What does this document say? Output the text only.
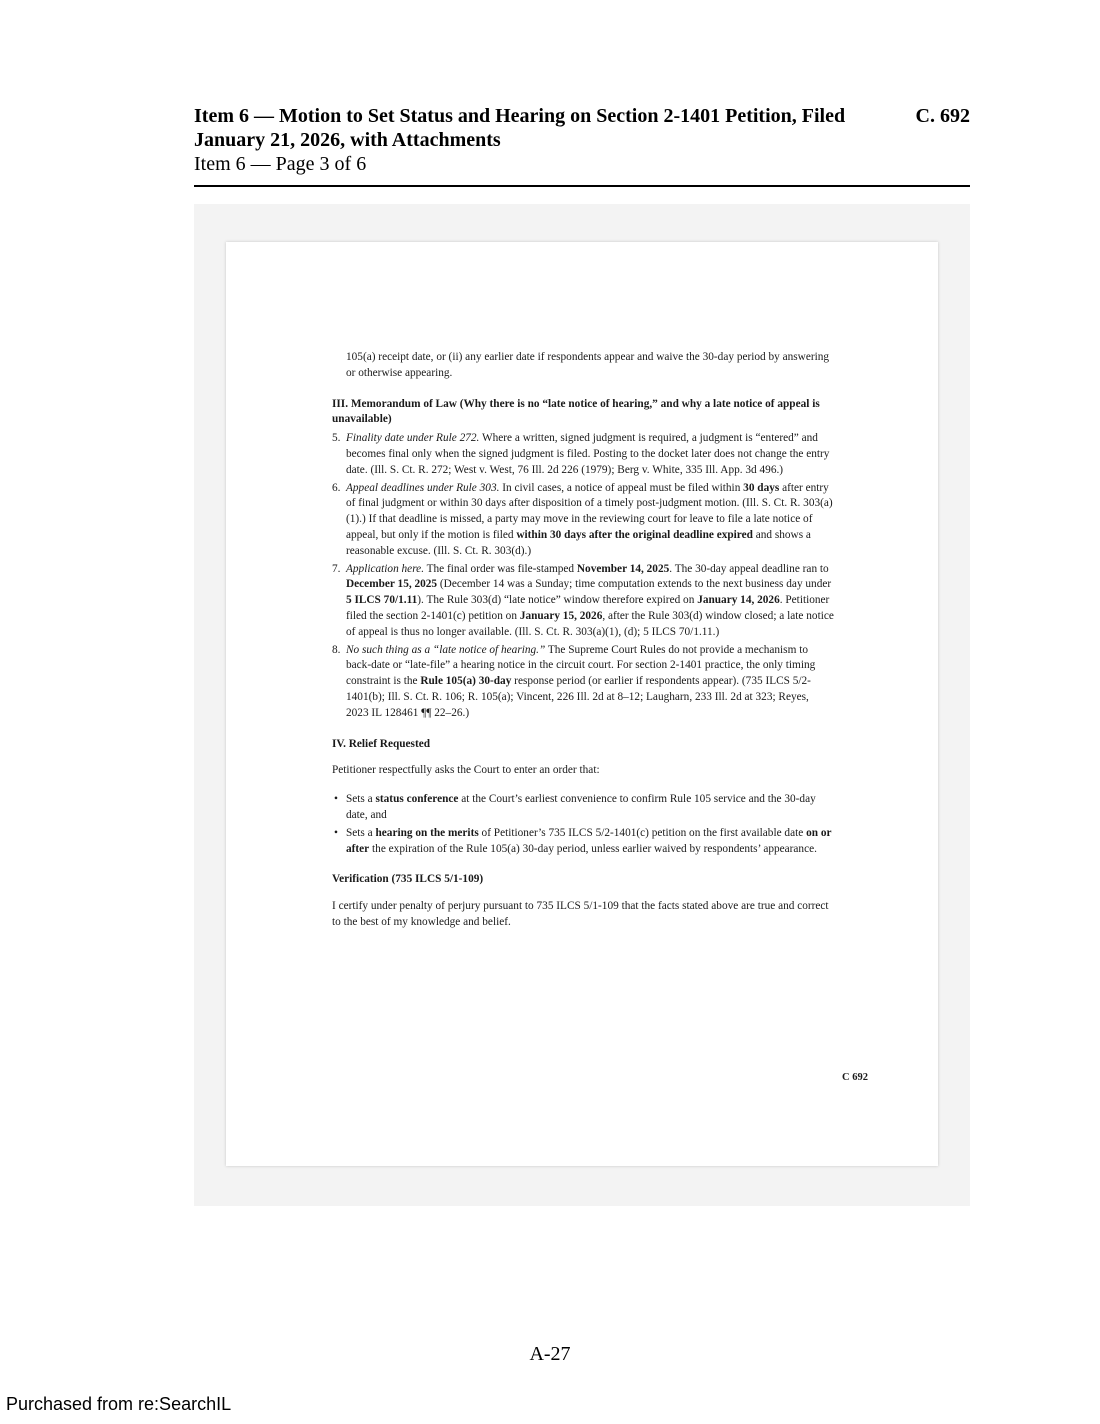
Item 6 — Motion to Set Status and Hearing on Section 2-1401 Petition, Filed January 21, 2026, with Attachments
C. 692
Item 6 — Page 3 of 6

105(a) receipt date, or (ii) any earlier date if respondents appear and waive the 30-day period by answering or otherwise appearing.

III. Memorandum of Law (Why there is no “late notice of hearing,” and why a late notice of appeal is unavailable)
5. Finality date under Rule 272. Where a written, signed judgment is required, a judgment is “entered” and becomes final only when the signed judgment is filed. Posting to the docket later does not change the entry date. (Ill. S. Ct. R. 272; West v. West, 76 Ill. 2d 226 (1979); Berg v. White, 335 Ill. App. 3d 496.)
6. Appeal deadlines under Rule 303. In civil cases, a notice of appeal must be filed within 30 days after entry of final judgment or within 30 days after disposition of a timely post-judgment motion. (Ill. S. Ct. R. 303(a)(1).) If that deadline is missed, a party may move in the reviewing court for leave to file a late notice of appeal, but only if the motion is filed within 30 days after the original deadline expired and shows a reasonable excuse. (Ill. S. Ct. R. 303(d).)
7. Application here. The final order was file-stamped November 14, 2025. The 30-day appeal deadline ran to December 15, 2025 (December 14 was a Sunday; time computation extends to the next business day under 5 ILCS 70/1.11). The Rule 303(d) “late notice” window therefore expired on January 14, 2026. Petitioner filed the section 2-1401(c) petition on January 15, 2026, after the Rule 303(d) window closed; a late notice of appeal is thus no longer available. (Ill. S. Ct. R. 303(a)(1), (d); 5 ILCS 70/1.11.)
8. No such thing as a “late notice of hearing.” The Supreme Court Rules do not provide a mechanism to back-date or “late-file” a hearing notice in the circuit court. For section 2-1401 practice, the only timing constraint is the Rule 105(a) 30-day response period (or earlier if respondents appear). (735 ILCS 5/2-1401(b); Ill. S. Ct. R. 106; R. 105(a); Vincent, 226 Ill. 2d at 8–12; Laugharn, 233 Ill. 2d at 323; Reyes, 2023 IL 128461 ¶¶ 22–26.)
IV. Relief Requested

Petitioner respectfully asks the Court to enter an order that:

• Sets a status conference at the Court’s earliest convenience to confirm Rule 105 service and the 30-day date, and
• Sets a hearing on the merits of Petitioner’s 735 ILCS 5/2-1401(c) petition on the first available date on or after the expiration of the Rule 105(a) 30-day period, unless earlier waived by respondents’ appearance.
Verification (735 ILCS 5/1-109)

I certify under penalty of perjury pursuant to 735 ILCS 5/1-109 that the facts stated above are true and correct to the best of my knowledge and belief.

C 692
A-27
Purchased from re:SearchIL
